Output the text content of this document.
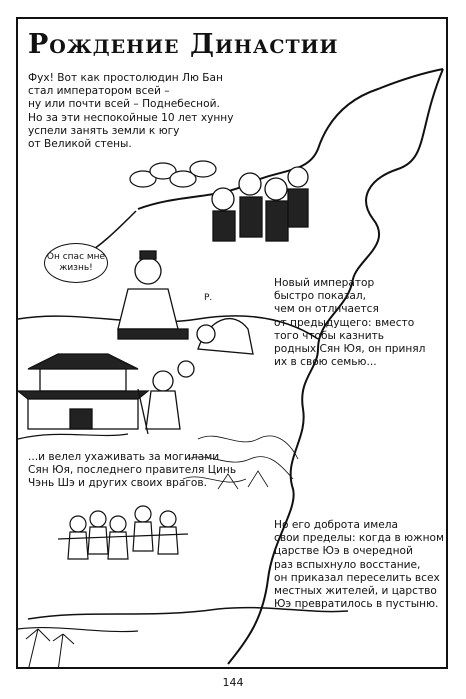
Рождение Династии
Фух! Вот как простолюдин Лю Бан
стал императором всей –
ну или почти всей – Поднебесной.
Но за эти неспокойные 10 лет хунну
успели занять земли к югу
от Великой стены.
Он спас мне
жизнь!
Р.
Новый император
быстро показал,
чем он отличается
от предыдущего: вместо
того чтобы казнить
родных Сян Юя, он принял
их в свою семью...
...и велел ухаживать за могилами
Сян Юя, последнего правителя Цинь
Чэнь Шэ и других своих врагов.
Но его доброта имела
свои пределы: когда в южном
царстве Юэ в очередной
раз вспыхнуло восстание,
он приказал переселить всех
местных жителей, и царство
Юэ превратилось в пустыню.
144
